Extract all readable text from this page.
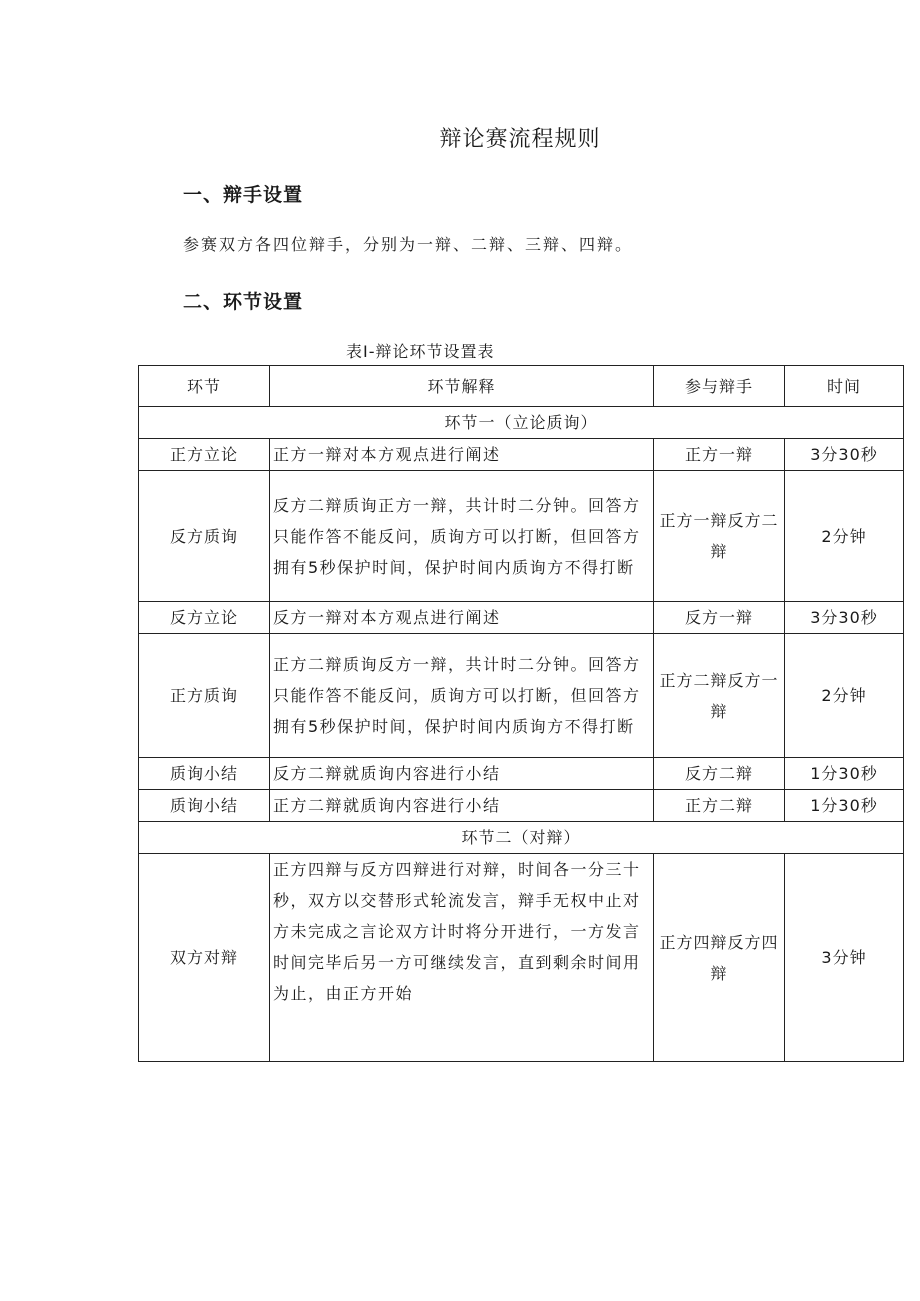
辩论赛流程规则
一、辩手设置
参赛双方各四位辩手，分别为一辩、二辩、三辩、四辩。
二、环节设置
表I-辩论环节设置表
环节	环节解释	参与辩手	时间
环节一（立论质询）			
正方立论	正方一辩对本方观点进行阐述	正方一辩	3分30秒
反方质询	反方二辩质询正方一辩，共计时二分钟。回答方只能作答不能反问，质询方可以打断，但回答方拥有5秒保护时间，保护时间内质询方不得打断	正方一辩反方二辩	2分钟
反方立论	反方一辩对本方观点进行阐述	反方一辩	3分30秒
正方质询	正方二辩质询反方一辩，共计时二分钟。回答方只能作答不能反问，质询方可以打断，但回答方拥有5秒保护时间，保护时间内质询方不得打断	正方二辩反方一辩	2分钟
质询小结	反方二辩就质询内容进行小结	反方二辩	1分30秒
质询小结	正方二辩就质询内容进行小结	正方二辩	1分30秒
环节二（对辩）			
双方对辩	正方四辩与反方四辩进行对辩，时间各一分三十秒，双方以交替形式轮流发言，辩手无权中止对方未完成之言论双方计时将分开进行，一方发言时间完毕后另一方可继续发言，直到剩余时间用为止，由正方开始	正方四辩反方四辩	3分钟
